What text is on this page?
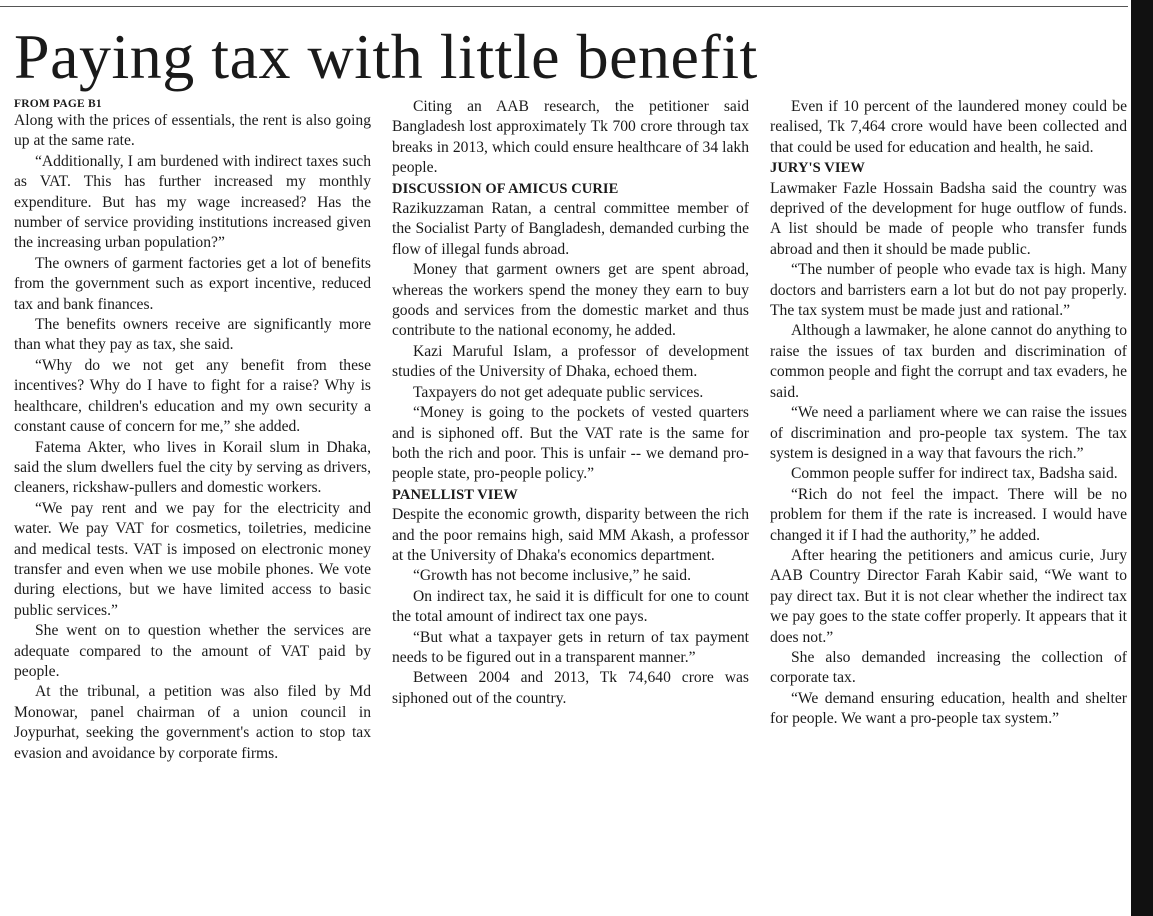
Paying tax with little benefit
FROM PAGE B1

Along with the prices of essentials, the rent is also going up at the same rate.

“Additionally, I am burdened with indirect taxes such as VAT. This has further increased my monthly expenditure. But has my wage increased? Has the number of service providing institutions increased given the increasing urban population?”

The owners of garment factories get a lot of benefits from the government such as export incentive, reduced tax and bank finances.

The benefits owners receive are significantly more than what they pay as tax, she said.

“Why do we not get any benefit from these incentives? Why do I have to fight for a raise? Why is healthcare, children's education and my own security a constant cause of concern for me,” she added.

Fatema Akter, who lives in Korail slum in Dhaka, said the slum dwellers fuel the city by serving as drivers, cleaners, rickshaw-pullers and domestic workers.

“We pay rent and we pay for the electricity and water. We pay VAT for cosmetics, toiletries, medicine and medical tests. VAT is imposed on electronic money transfer and even when we use mobile phones. We vote during elections, but we have limited access to basic public services.”

She went on to question whether the services are adequate compared to the amount of VAT paid by people.

At the tribunal, a petition was also filed by Md Monowar, panel chairman of a union council in Joypurhat, seeking the government's action to stop tax evasion and avoidance by corporate firms.

Citing an AAB research, the petitioner said Bangladesh lost approximately Tk 700 crore through tax breaks in 2013, which could ensure healthcare of 34 lakh people.

DISCUSSION OF AMICUS CURIE

Razikuzzaman Ratan, a central committee member of the Socialist Party of Bangladesh, demanded curbing the flow of illegal funds abroad.

Money that garment owners get are spent abroad, whereas the workers spend the money they earn to buy goods and services from the domestic market and thus contribute to the national economy, he added.

Kazi Maruful Islam, a professor of development studies of the University of Dhaka, echoed them.

Taxpayers do not get adequate public services.

“Money is going to the pockets of vested quarters and is siphoned off. But the VAT rate is the same for both the rich and poor. This is unfair -- we demand pro-people state, pro-people policy.”

PANELLIST VIEW

Despite the economic growth, disparity between the rich and the poor remains high, said MM Akash, a professor at the University of Dhaka's economics department.

“Growth has not become inclusive,” he said.

On indirect tax, he said it is difficult for one to count the total amount of indirect tax one pays.

“But what a taxpayer gets in return of tax payment needs to be figured out in a transparent manner.”

Between 2004 and 2013, Tk 74,640 crore was siphoned out of the country.

Even if 10 percent of the laundered money could be realised, Tk 7,464 crore would have been collected and that could be used for education and health, he said.

JURY'S VIEW

Lawmaker Fazle Hossain Badsha said the country was deprived of the development for huge outflow of funds. A list should be made of people who transfer funds abroad and then it should be made public.

“The number of people who evade tax is high. Many doctors and barristers earn a lot but do not pay properly. The tax system must be made just and rational.”

Although a lawmaker, he alone cannot do anything to raise the issues of tax burden and discrimination of common people and fight the corrupt and tax evaders, he said.

“We need a parliament where we can raise the issues of discrimination and pro-people tax system. The tax system is designed in a way that favours the rich.”

Common people suffer for indirect tax, Badsha said.

“Rich do not feel the impact. There will be no problem for them if the rate is increased. I would have changed it if I had the authority,” he added.

After hearing the petitioners and amicus curie, Jury AAB Country Director Farah Kabir said, “We want to pay direct tax. But it is not clear whether the indirect tax we pay goes to the state coffer properly. It appears that it does not.”

She also demanded increasing the collection of corporate tax.

“We demand ensuring education, health and shelter for people. We want a pro-people tax system.”
